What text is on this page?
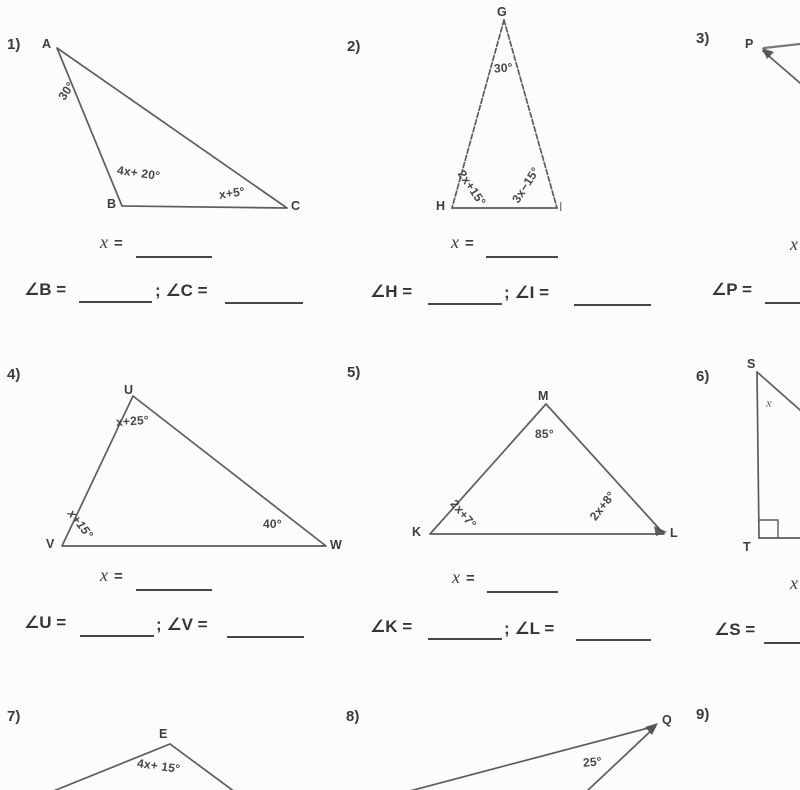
1) A
B	C
30°
4x+ 20°
x+5°
x =
∠B =	; ∠C =
2)
G
H	I
30°
2x+15° 3x−15°
x =
∠H =	; ∠I =
3)	P
x
∠P =
4)
U
V	W
x+25°
x+15°	40°
x =
∠U =	; ∠V =
5)
M
K	L
85°
2x+7°	2x+8°
x =
∠K =	; ∠L =
6)
S
T
x
x
∠S =
7)
E
4x+ 15°
8)	Q
25°
9)
